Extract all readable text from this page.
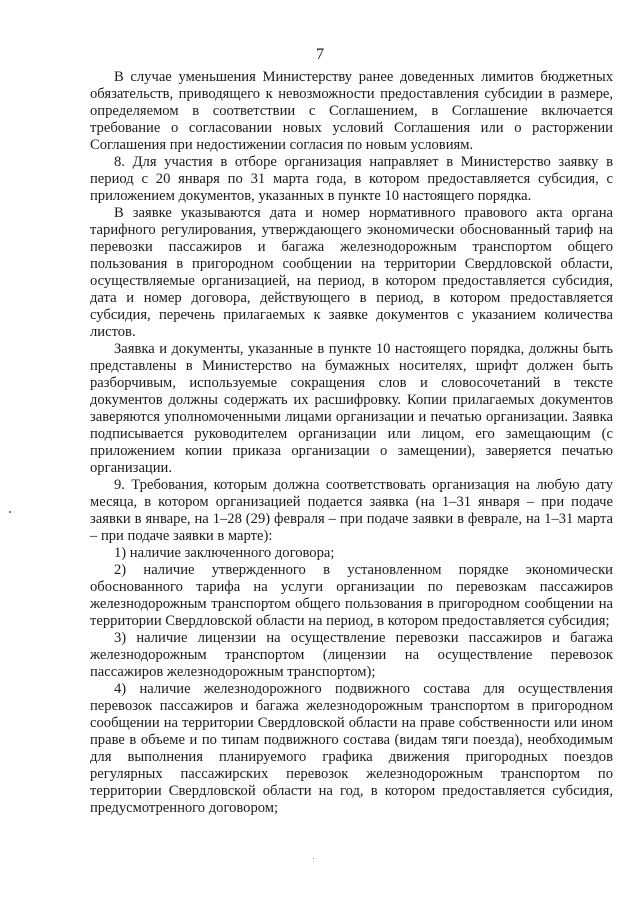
7

В случае уменьшения Министерству ранее доведенных лимитов бюджетных обязательств, приводящего к невозможности предоставления субсидии в размере, определяемом в соответствии с Соглашением, в Соглашение включается требование о согласовании новых условий Соглашения или о расторжении Соглашения при недостижении согласия по новым условиям.

8. Для участия в отборе организация направляет в Министерство заявку в период с 20 января по 31 марта года, в котором предоставляется субсидия, с приложением документов, указанных в пункте 10 настоящего порядка.

В заявке указываются дата и номер нормативного правового акта органа тарифного регулирования, утверждающего экономически обоснованный тариф на перевозки пассажиров и багажа железнодорожным транспортом общего пользования в пригородном сообщении на территории Свердловской области, осуществляемые организацией, на период, в котором предоставляется субсидия, дата и номер договора, действующего в период, в котором предоставляется субсидия, перечень прилагаемых к заявке документов с указанием количества листов.

Заявка и документы, указанные в пункте 10 настоящего порядка, должны быть представлены в Министерство на бумажных носителях, шрифт должен быть разборчивым, используемые сокращения слов и словосочетаний в тексте документов должны содержать их расшифровку. Копии прилагаемых документов заверяются уполномоченными лицами организации и печатью организации. Заявка подписывается руководителем организации или лицом, его замещающим (с приложением копии приказа организации о замещении), заверяется печатью организации.

9. Требования, которым должна соответствовать организация на любую дату месяца, в котором организацией подается заявка (на 1–31 января – при подаче заявки в январе, на 1–28 (29) февраля – при подаче заявки в феврале, на 1–31 марта – при подаче заявки в марте):

1) наличие заключенного договора;

2) наличие утвержденного в установленном порядке экономически обоснованного тарифа на услуги организации по перевозкам пассажиров железнодорожным транспортом общего пользования в пригородном сообщении на территории Свердловской области на период, в котором предоставляется субсидия;

3) наличие лицензии на осуществление перевозки пассажиров и багажа железнодорожным транспортом (лицензии на осуществление перевозок пассажиров железнодорожным транспортом);

4) наличие железнодорожного подвижного состава для осуществления перевозок пассажиров и багажа железнодорожным транспортом в пригородном сообщении на территории Свердловской области на праве собственности или ином праве в объеме и по типам подвижного состава (видам тяги поезда), необходимым для выполнения планируемого графика движения пригородных поездов регулярных пассажирских перевозок железнодорожным транспортом по территории Свердловской области на год, в котором предоставляется субсидия, предусмотренного договором;
